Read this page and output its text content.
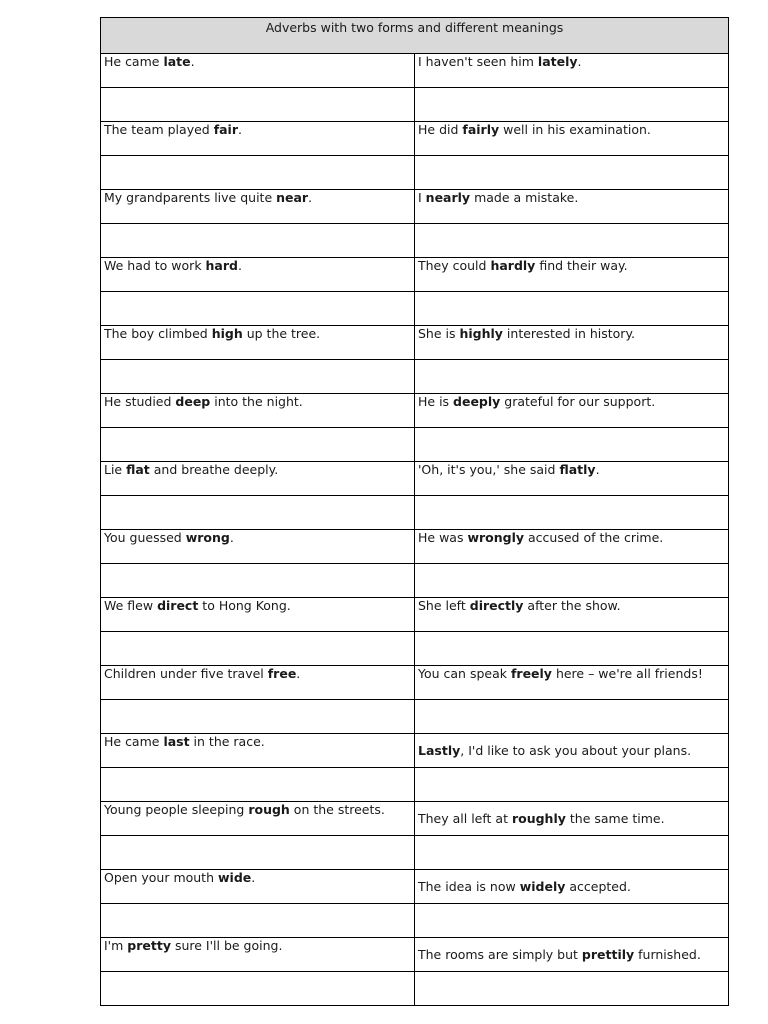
Adverbs with two forms and different meanings	
He came late.	I haven't seen him lately.

The team played fair.	He did fairly well in his examination.

My grandparents live quite near.	I nearly made a mistake.

We had to work hard.	They could hardly find their way.

The boy climbed high up the tree.	She is highly interested in history.

He studied deep into the night.	He is deeply grateful for our support.

Lie flat and breathe deeply.	'Oh, it's you,' she said flatly.

You guessed wrong.	He was wrongly accused of the crime.

We flew direct to Hong Kong.	She left directly after the show.

Children under five travel free.	You can speak freely here – we're all friends!

He came last in the race.	Lastly, I'd like to ask you about your plans.

Young people sleeping rough on the streets.	They all left at roughly the same time.

Open your mouth wide.	The idea is now widely accepted.

I'm pretty sure I'll be going.	The rooms are simply but prettily furnished.
